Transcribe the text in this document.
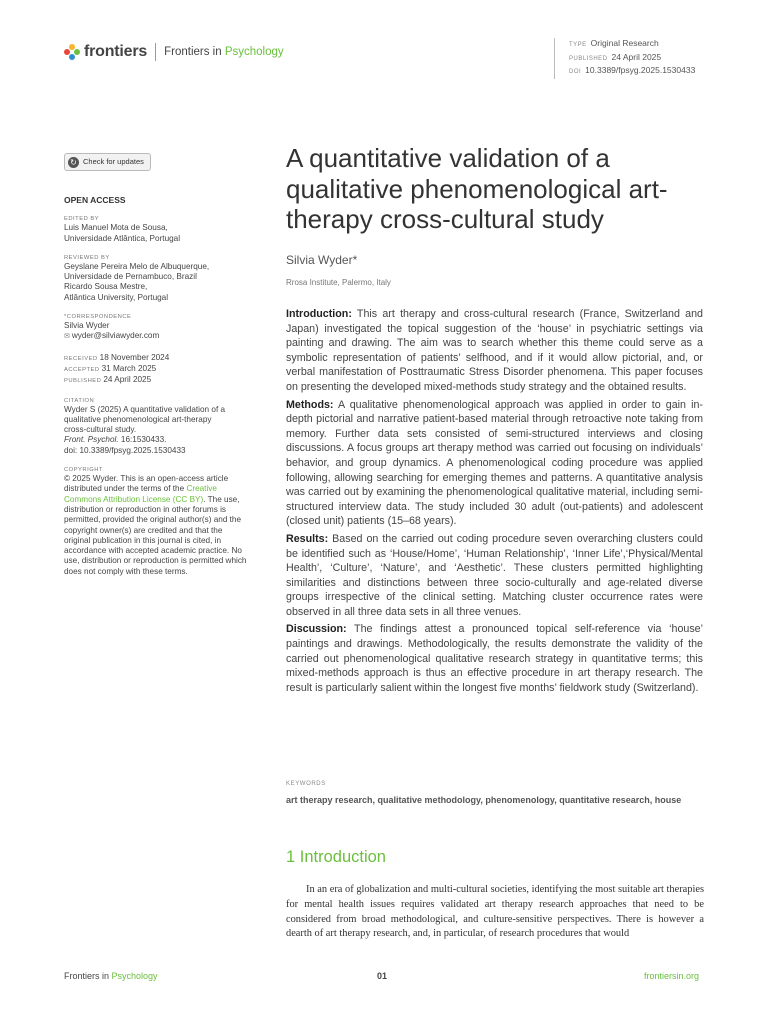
frontiers Frontiers in Psychology
TYPE Original Research
PUBLISHED 24 April 2025
DOI 10.3389/fpsyg.2025.1530433
↻ Check for updates
OPEN ACCESS
EDITED BY
Luis Manuel Mota de Sousa,
Universidade Atlântica, Portugal
REVIEWED BY
Geyslane Pereira Melo de Albuquerque,
Universidade de Pernambuco, Brazil
Ricardo Sousa Mestre,
Atlântica University, Portugal
*CORRESPONDENCE
Silvia Wyder
✉ wyder@silviawyder.com
RECEIVED 18 November 2024
ACCEPTED 31 March 2025
PUBLISHED 24 April 2025
CITATION
Wyder S (2025) A quantitative validation of a
qualitative phenomenological art-therapy
cross-cultural study.
Front. Psychol. 16:1530433.
doi: 10.3389/fpsyg.2025.1530433
COPYRIGHT
© 2025 Wyder. This is an open-access article distributed under the terms of the Creative Commons Attribution License (CC BY). The use, distribution or reproduction in other forums is permitted, provided the original author(s) and the copyright owner(s) are credited and that the original publication in this journal is cited, in accordance with accepted academic practice. No use, distribution or reproduction is permitted which does not comply with these terms.
A quantitative validation of a qualitative phenomenological art-therapy cross-cultural study
Silvia Wyder*
Rrosa Institute, Palermo, Italy

Introduction: This art therapy and cross-cultural research (France, Switzerland and Japan) investigated the topical suggestion of the ‘house’ in psychiatric settings via painting and drawing. The aim was to search whether this theme could serve as a symbolic representation of patients’ selfhood, and if it would allow pictorial, and, or verbal manifestation of Posttraumatic Stress Disorder phenomena. This paper focuses on presenting the developed mixed-methods study strategy and the obtained results.

Methods: A qualitative phenomenological approach was applied in order to gain in-depth pictorial and narrative patient-based material through retroactive note taking from memory. Further data sets consisted of semi-structured interviews and closing discussions. A focus groups art therapy method was carried out focusing on individuals’ behavior, and group dynamics. A phenomenological coding procedure was applied following, allowing searching for emerging themes and patterns. A quantitative analysis was carried out by examining the phenomenological qualitative material, including semi-structured interview data. The study included 30 adult (out-patients) and adolescent (closed unit) patients (15–68 years).

Results: Based on the carried out coding procedure seven overarching clusters could be identified such as ‘House/Home’, ‘Human Relationship’, ‘Inner Life’,‘Physical/Mental Health’, ‘Culture’, ‘Nature’, and ‘Aesthetic’. These clusters permitted highlighting similarities and distinctions between three socio-culturally and age-related diverse groups irrespective of the clinical setting. Matching cluster occurrence rates were observed in all three data sets in all three venues.

Discussion: The findings attest a pronounced topical self-reference via ‘house’ paintings and drawings. Methodologically, the results demonstrate the validity of the carried out phenomenological qualitative research strategy in quantitative terms; this mixed-methods approach is thus an effective procedure in art therapy research. The result is particularly salient within the longest five months’ fieldwork study (Switzerland).

KEYWORDS
art therapy research, qualitative methodology, phenomenology, quantitative research, house
1 Introduction
In an era of globalization and multi-cultural societies, identifying the most suitable art therapies for mental health issues requires validated art therapy research approaches that need to be considered from broad methodological, and culture-sensitive perspectives. There is however a dearth of art therapy research, and, in particular, of research procedures that would
Frontiers in Psychology	01	frontiersin.org
